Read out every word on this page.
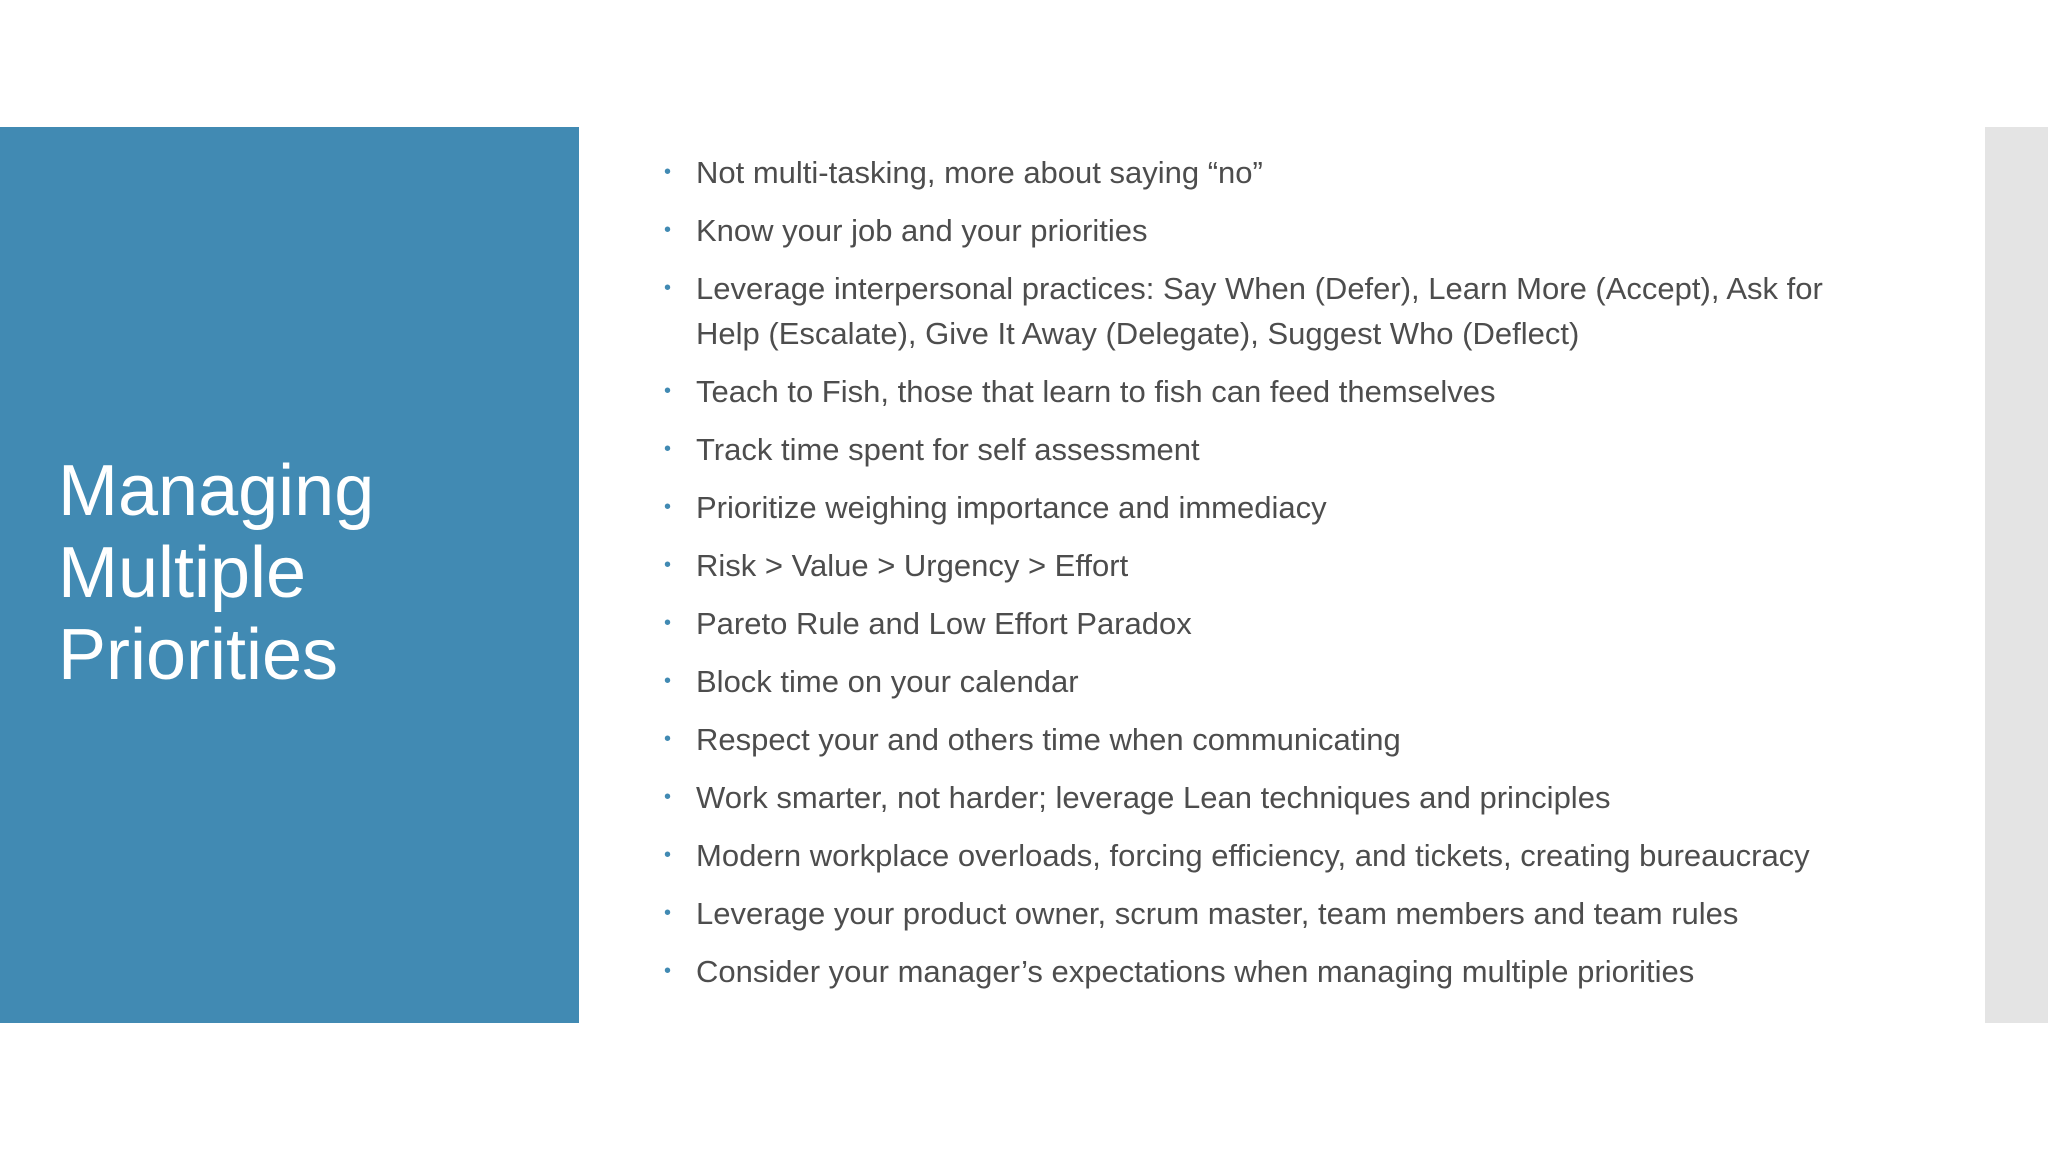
Managing Multiple Priorities
• Not multi-tasking, more about saying “no”
• Know your job and your priorities
• Leverage interpersonal practices: Say When (Defer), Learn More (Accept), Ask for Help (Escalate), Give It Away (Delegate), Suggest Who (Deflect)
• Teach to Fish, those that learn to fish can feed themselves
• Track time spent for self assessment
• Prioritize weighing importance and immediacy
• Risk > Value > Urgency > Effort
• Pareto Rule and Low Effort Paradox
• Block time on your calendar
• Respect your and others time when communicating
• Work smarter, not harder; leverage Lean techniques and principles
• Modern workplace overloads, forcing efficiency, and tickets, creating bureaucracy
• Leverage your product owner, scrum master, team members and team rules
• Consider your manager’s expectations when managing multiple priorities
